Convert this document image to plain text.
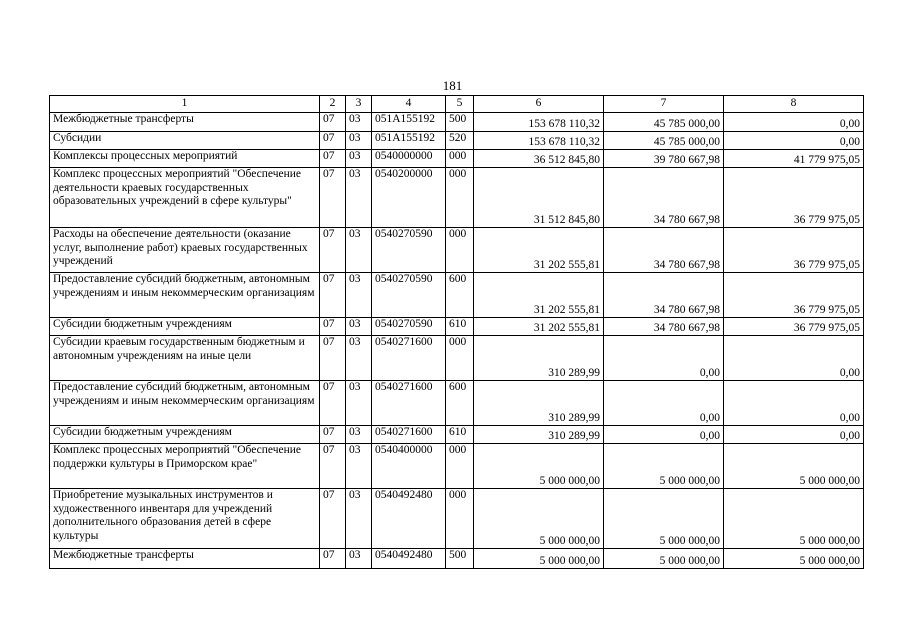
181
1	2	3	4	5	6	7	8
Межбюджетные трансферты	07	03	051A155192	500	153 678 110,32	45 785 000,00	0,00
Субсидии	07	03	051A155192	520	153 678 110,32	45 785 000,00	0,00
Комплексы процессных мероприятий	07	03	0540000000	000	36 512 845,80	39 780 667,98	41 779 975,05
Комплекс процессных мероприятий "Обеспечение деятельности краевых государственных образовательных учреждений в сфере культуры"	07	03	0540200000	000	31 512 845,80	34 780 667,98	36 779 975,05
Расходы на обеспечение деятельности (оказание услуг, выполнение работ) краевых государственных учреждений	07	03	0540270590	000	31 202 555,81	34 780 667,98	36 779 975,05
Предоставление субсидий бюджетным, автономным учреждениям и иным некоммерческим организациям	07	03	0540270590	600	31 202 555,81	34 780 667,98	36 779 975,05
Субсидии бюджетным учреждениям	07	03	0540270590	610	31 202 555,81	34 780 667,98	36 779 975,05
Субсидии краевым государственным бюджетным и автономным учреждениям на иные цели	07	03	0540271600	000	310 289,99	0,00	0,00
Предоставление субсидий бюджетным, автономным учреждениям и иным некоммерческим организациям	07	03	0540271600	600	310 289,99	0,00	0,00
Субсидии бюджетным учреждениям	07	03	0540271600	610	310 289,99	0,00	0,00
Комплекс процессных мероприятий "Обеспечение поддержки культуры в Приморском крае"	07	03	0540400000	000	5 000 000,00	5 000 000,00	5 000 000,00
Приобретение музыкальных инструментов и художественного инвентаря для учреждений дополнительного образования детей в сфере культуры	07	03	0540492480	000	5 000 000,00	5 000 000,00	5 000 000,00
Межбюджетные трансферты	07	03	0540492480	500	5 000 000,00	5 000 000,00	5 000 000,00
